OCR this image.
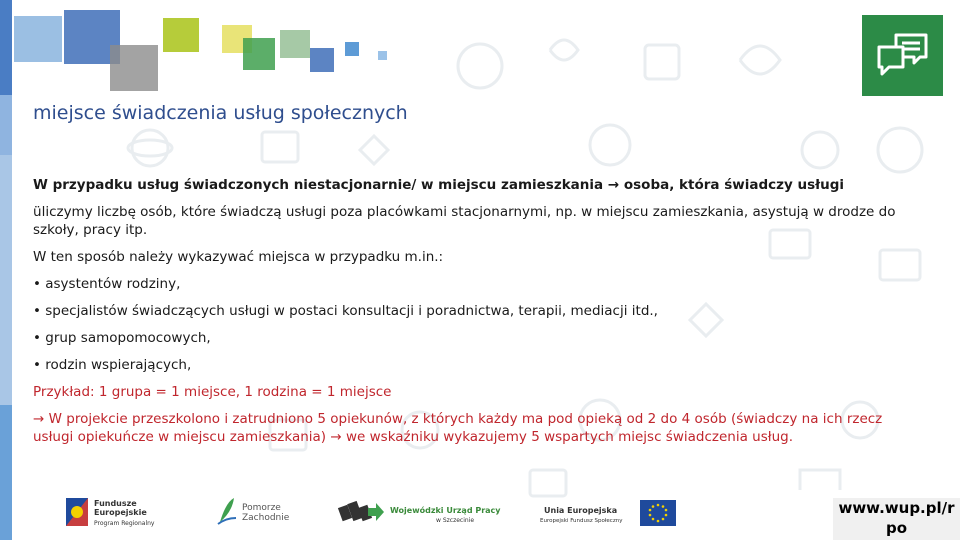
miejsce świadczenia usług społecznych

W przypadku usług świadczonych niestacjonarnie/ w miejscu zamieszkania → osoba, która świadczy usługi

üliczymy liczbę osób, które świadczą usługi poza placówkami stacjonarnymi, np. w miejscu zamieszkania, asystują w drodze do szkoły, pracy itp.

W ten sposób należy wykazywać miejsca w przypadku m.in.:

• asystentów rodziny,

• specjalistów świadczących usługi w postaci konsultacji i poradnictwa, terapii, mediacji itd.,

• grup samopomocowych,

• rodzin wspierających,

Przykład: 1 grupa = 1 miejsce, 1 rodzina = 1 miejsce

→ W projekcie przeszkolono i zatrudniono 5 opiekunów, z których każdy ma pod opieką od 2 do 4 osób (świadczy na ich rzecz usługi opiekuńcze w miejscu zamieszkania) → we wskaźniku wykazujemy 5 wspartych miejsc świadczenia usług.

Fundusze
Europejskie
Program Regionalny
Pomorze
Zachodnie
Wojewódzki Urząd Pracy
w Szczecinie
Unia Europejska
Europejski Fundusz Społeczny
www.wup.pl/r
po
